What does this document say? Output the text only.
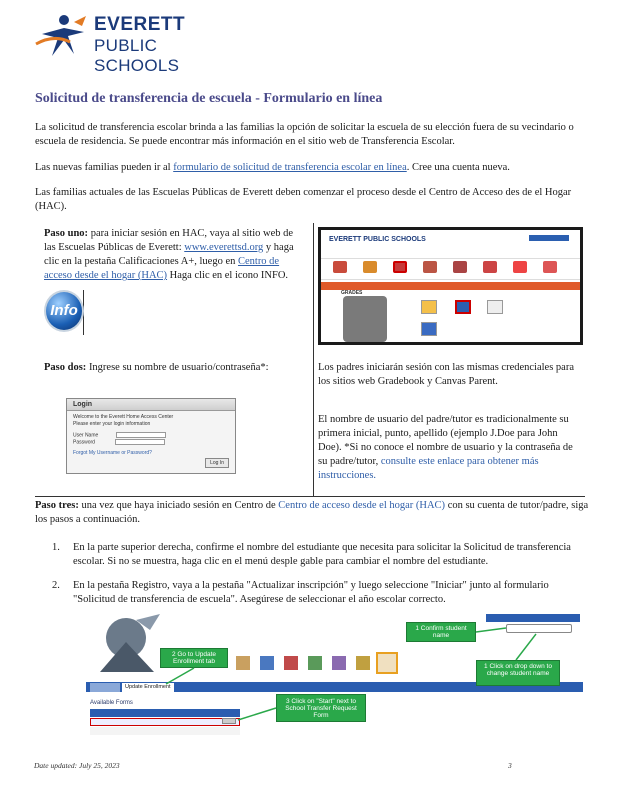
EVERETT
PUBLIC SCHOOLS
Solicitud de transferencia de escuela - Formulario en línea
La solicitud de transferencia escolar brinda a las familias la opción de solicitar la escuela de su elección fuera de su vecindario o escuela de residencia. Se puede encontrar más información en el sitio web de Transferencia Escolar.
Las nuevas familias pueden ir al formulario de solicitud de transferencia escolar en línea. Cree una cuenta nueva.
Las familias actuales de las Escuelas Públicas de Everett deben comenzar el proceso desde el Centro de Acceso des de el Hogar (HAC).
Paso uno: para iniciar sesión en HAC, vaya al sitio web de las Escuelas Públicas de Everett: www.everettsd.org y haga clic en la pestaña Calificaciones A+, luego en Centro de acceso desde el hogar (HAC) Haga clic en el icono INFO.
Info
EVERETT PUBLIC SCHOOLS
GRADES
Paso dos: Ingrese su nombre de usuario/contraseña*:
Login
Welcome to the Everett Home Access Center
Please enter your login information
User Name
Password
Forgot My Username or Password?
Log In
Los padres iniciarán sesión con las mismas credenciales para los sitios web Gradebook y Canvas Parent.
El nombre de usuario del padre/tutor es tradicionalmente su primera inicial, punto, apellido (ejemplo J.Doe para John Doe). *Si no conoce el nombre de usuario y la contraseña de su padre/tutor, consulte este enlace para obtener más instrucciones.
Paso tres: una vez que haya iniciado sesión en Centro de Centro de acceso desde el hogar (HAC) con su cuenta de tutor/padre, siga los pasos a continuación.
1. En la parte superior derecha, confirme el nombre del estudiante que necesita para solicitar la Solicitud de transferencia escolar. Si no se muestra, haga clic en el menú desple gable para cambiar el nombre del estudiante.
2. En la pestaña Registro, vaya a la pestaña "Actualizar inscripción" y luego seleccione "Iniciar" junto al formulario "Solicitud de transferencia de escuela". Asegúrese de seleccionar el año escolar correcto.
Update Enrollment
Available Forms
1 Confirm student name
2 Go to Update Enrollment tab
1 Click on drop down to change student name
3 Click on "Start" next to School Transfer Request Form
Date updated: July 25, 2023	3
